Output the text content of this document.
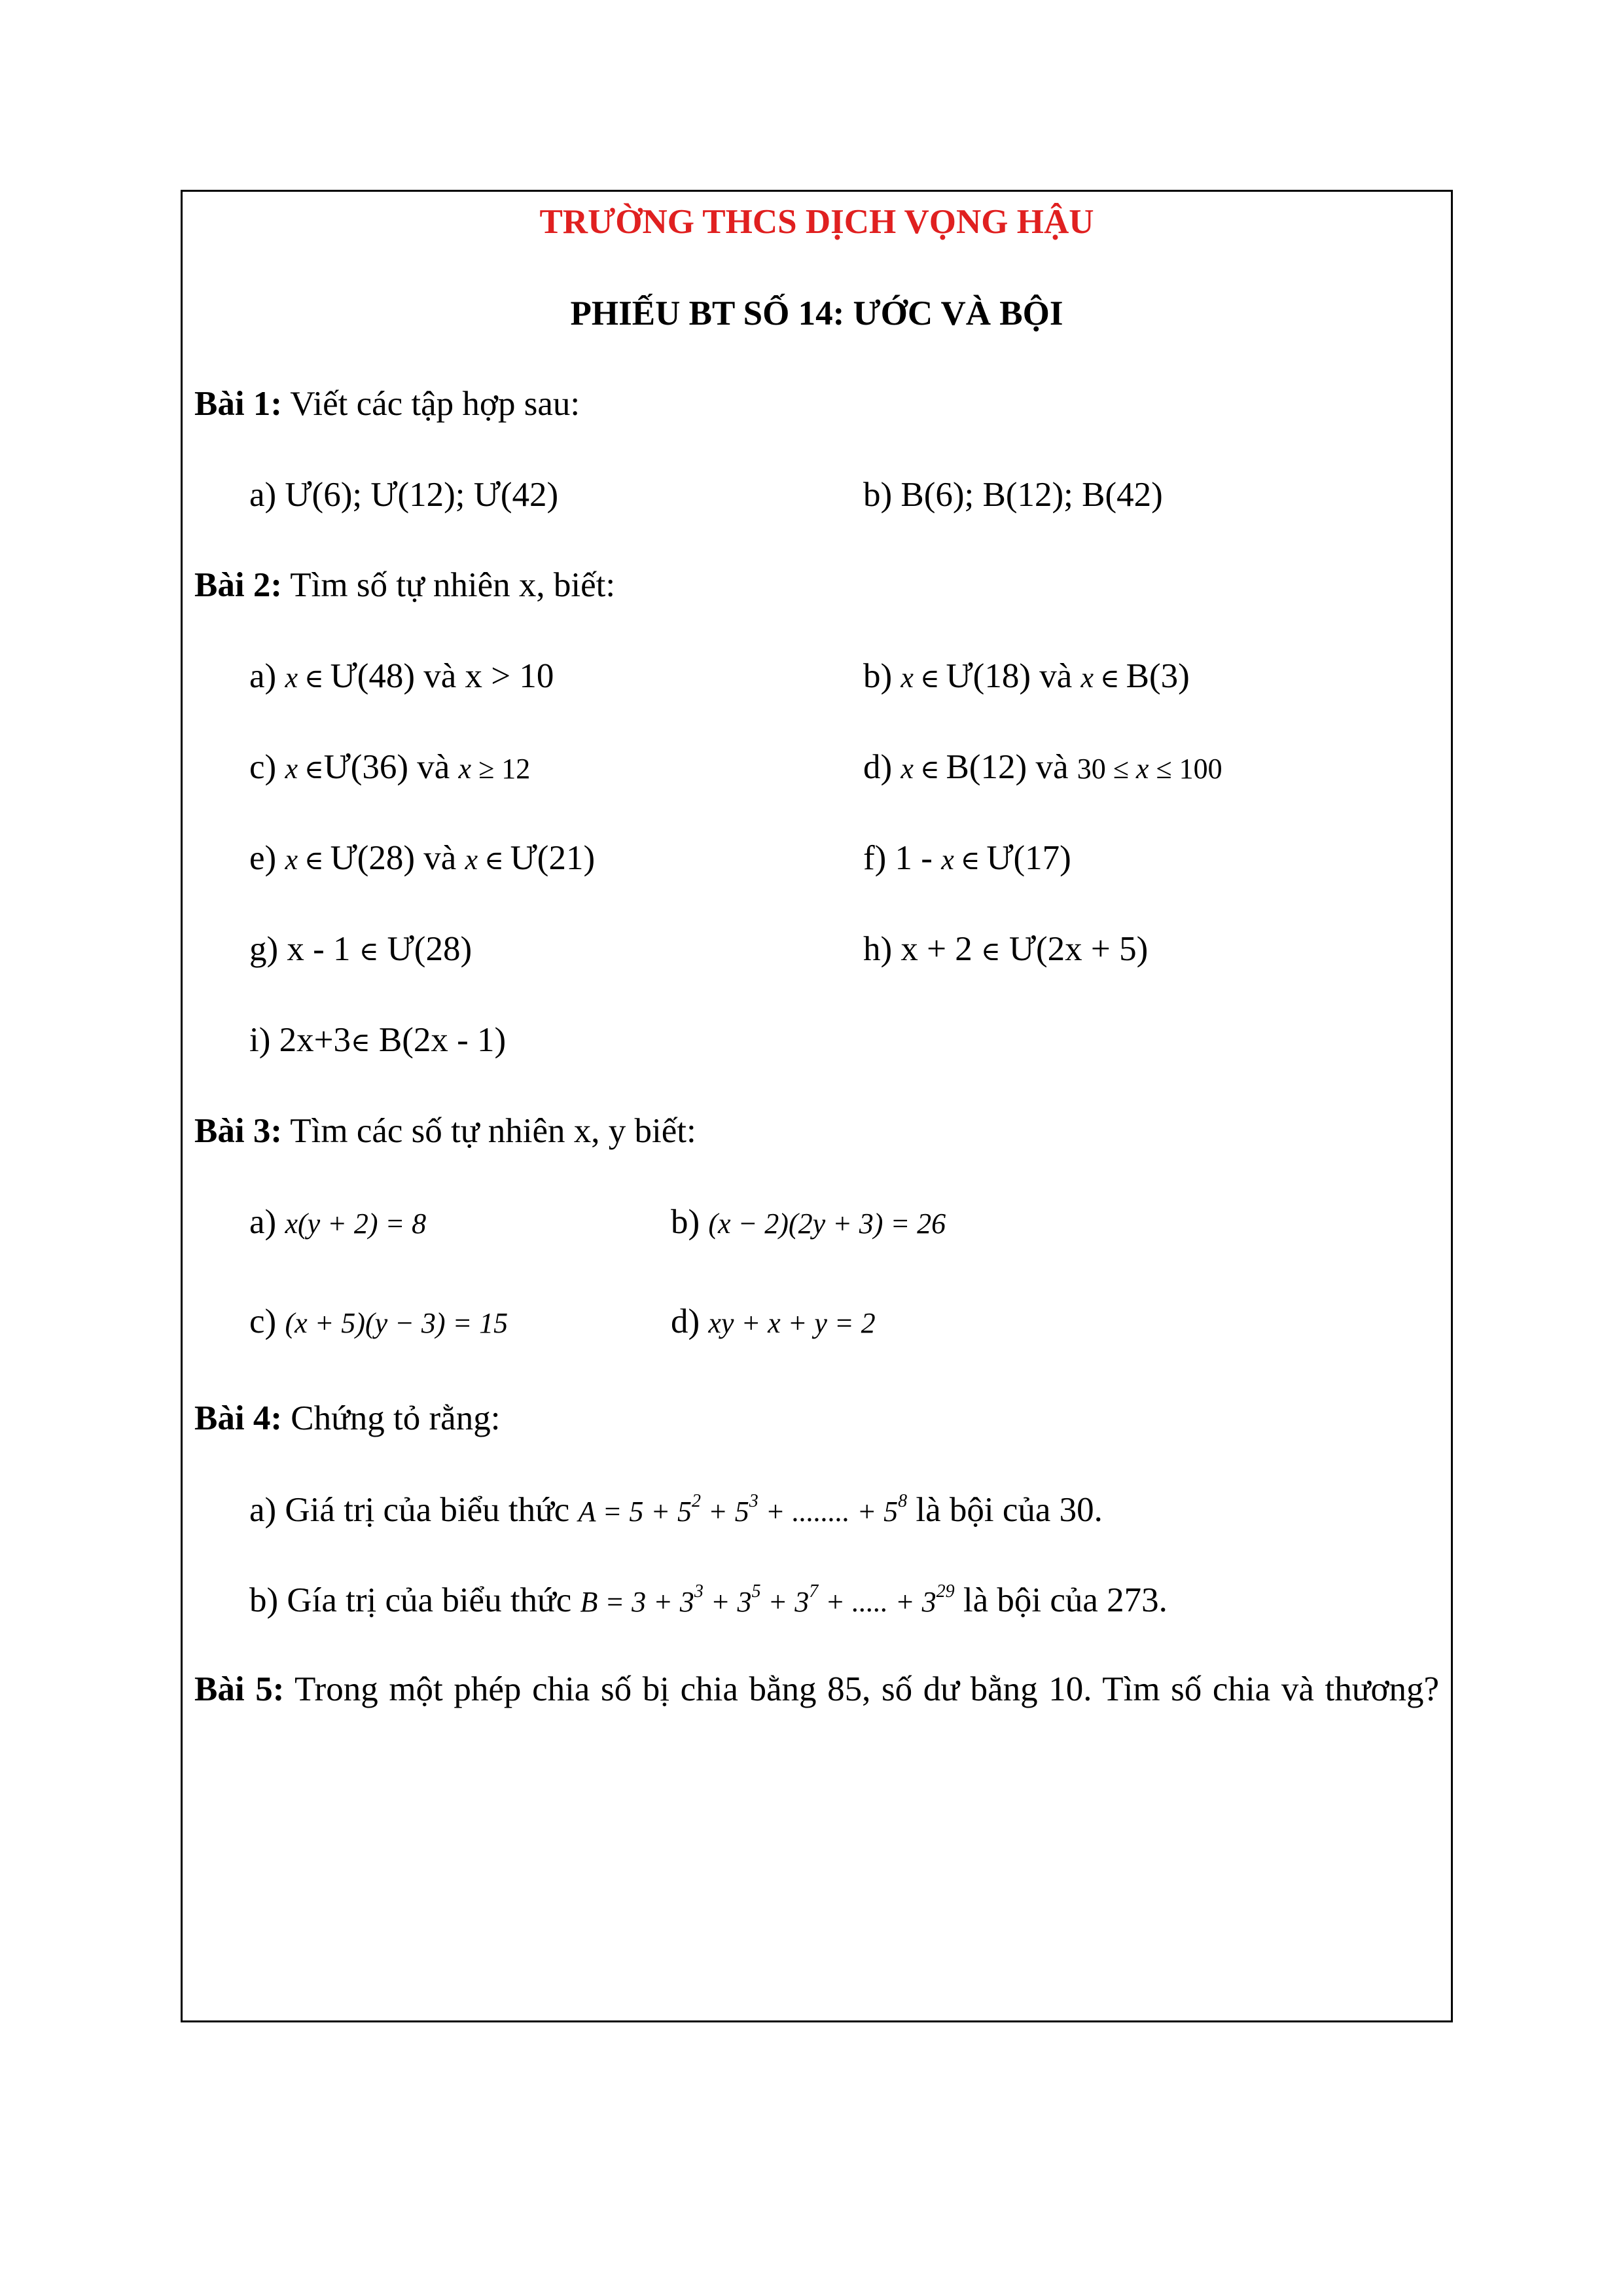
TRƯỜNG THCS DỊCH VỌNG HẬU
PHIẾU BT SỐ 14: ƯỚC VÀ BỘI
Bài 1: Viết các tập hợp sau:
a) Ư(6); Ư(12); Ư(42)	b) B(6); B(12); B(42)
Bài 2: Tìm số tự nhiên x, biết:
a) x ∈ Ư(48) và x > 10	b) x ∈ Ư(18) và x ∈ B(3)
c) x ∈Ư(36) và x ≥ 12	d) x ∈ B(12) và 30 ≤ x ≤ 100
e) x ∈ Ư(28) và x ∈ Ư(21)	f) 1 - x ∈ Ư(17)
g) x - 1 ∈ Ư(28)	h) x + 2 ∈ Ư(2x + 5)
i) 2x+3∈ B(2x - 1)
Bài 3: Tìm các số tự nhiên x, y biết:
a) x(y + 2) = 8	b) (x − 2)(2y + 3) = 26
c) (x + 5)(y − 3) = 15	d) xy + x + y = 2
Bài 4: Chứng tỏ rằng:
a) Giá trị của biểu thức $A = 5 + 5^2 + 5^3$ + ........ + $5^8$ là bội của 30.
b) Gía trị của biểu thức $B = 3 + 3^3 + 3^5 + 3^7$ + ..... + $3^{29}$ là bội của 273.
Bài 5: Trong một phép chia số bị chia bằng 85, số dư bằng 10. Tìm số chia và thương?
